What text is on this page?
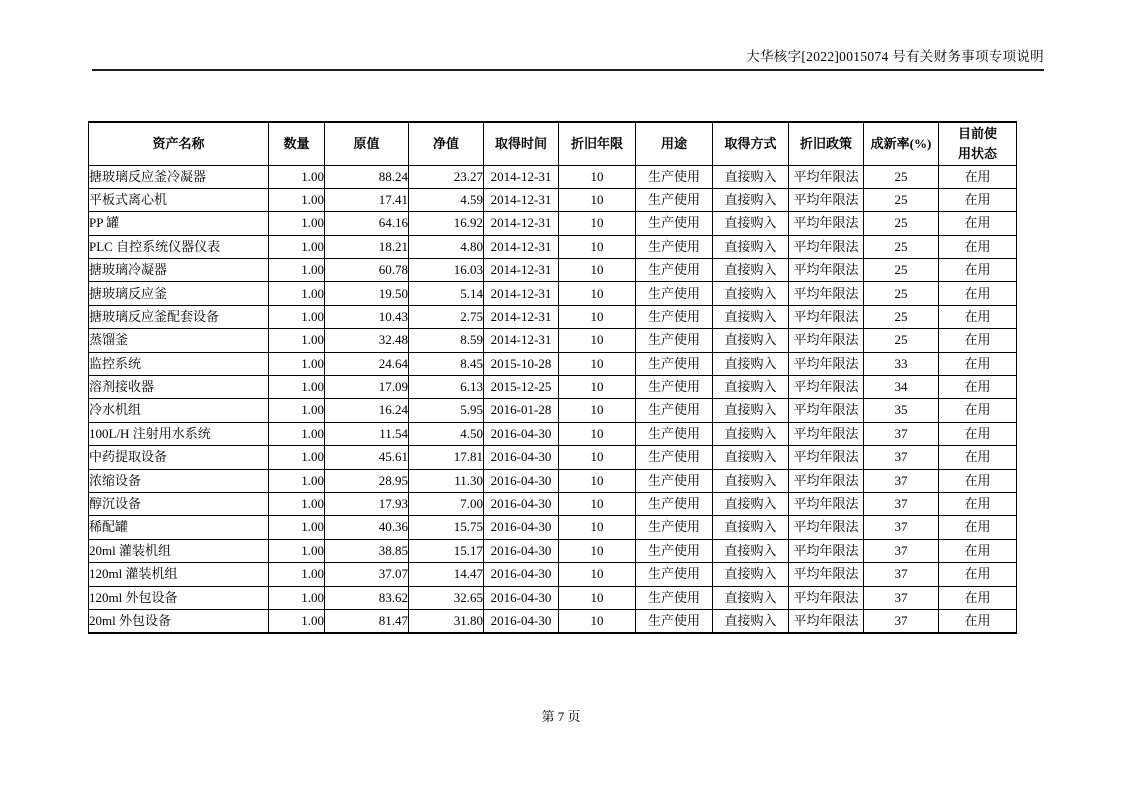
大华核字[2022]0015074 号有关财务事项专项说明
资产名称	数量	原值	净值	取得时间	折旧年限	用途	取得方式	折旧政策	成新率(%)	目前使用状态
搪玻璃反应釜冷凝器	1.00	88.24	23.27	2014-12-31	10	生产使用	直接购入	平均年限法	25	在用
平板式离心机	1.00	17.41	4.59	2014-12-31	10	生产使用	直接购入	平均年限法	25	在用
PP 罐	1.00	64.16	16.92	2014-12-31	10	生产使用	直接购入	平均年限法	25	在用
PLC 自控系统仪器仪表	1.00	18.21	4.80	2014-12-31	10	生产使用	直接购入	平均年限法	25	在用
搪玻璃冷凝器	1.00	60.78	16.03	2014-12-31	10	生产使用	直接购入	平均年限法	25	在用
搪玻璃反应釜	1.00	19.50	5.14	2014-12-31	10	生产使用	直接购入	平均年限法	25	在用
搪玻璃反应釜配套设备	1.00	10.43	2.75	2014-12-31	10	生产使用	直接购入	平均年限法	25	在用
蒸馏釜	1.00	32.48	8.59	2014-12-31	10	生产使用	直接购入	平均年限法	25	在用
监控系统	1.00	24.64	8.45	2015-10-28	10	生产使用	直接购入	平均年限法	33	在用
溶剂接收器	1.00	17.09	6.13	2015-12-25	10	生产使用	直接购入	平均年限法	34	在用
冷水机组	1.00	16.24	5.95	2016-01-28	10	生产使用	直接购入	平均年限法	35	在用
100L/H 注射用水系统	1.00	11.54	4.50	2016-04-30	10	生产使用	直接购入	平均年限法	37	在用
中药提取设备	1.00	45.61	17.81	2016-04-30	10	生产使用	直接购入	平均年限法	37	在用
浓缩设备	1.00	28.95	11.30	2016-04-30	10	生产使用	直接购入	平均年限法	37	在用
醇沉设备	1.00	17.93	7.00	2016-04-30	10	生产使用	直接购入	平均年限法	37	在用
稀配罐	1.00	40.36	15.75	2016-04-30	10	生产使用	直接购入	平均年限法	37	在用
20ml 灌装机组	1.00	38.85	15.17	2016-04-30	10	生产使用	直接购入	平均年限法	37	在用
120ml 灌装机组	1.00	37.07	14.47	2016-04-30	10	生产使用	直接购入	平均年限法	37	在用
120ml 外包设备	1.00	83.62	32.65	2016-04-30	10	生产使用	直接购入	平均年限法	37	在用
20ml 外包设备	1.00	81.47	31.80	2016-04-30	10	生产使用	直接购入	平均年限法	37	在用
第 7 页
